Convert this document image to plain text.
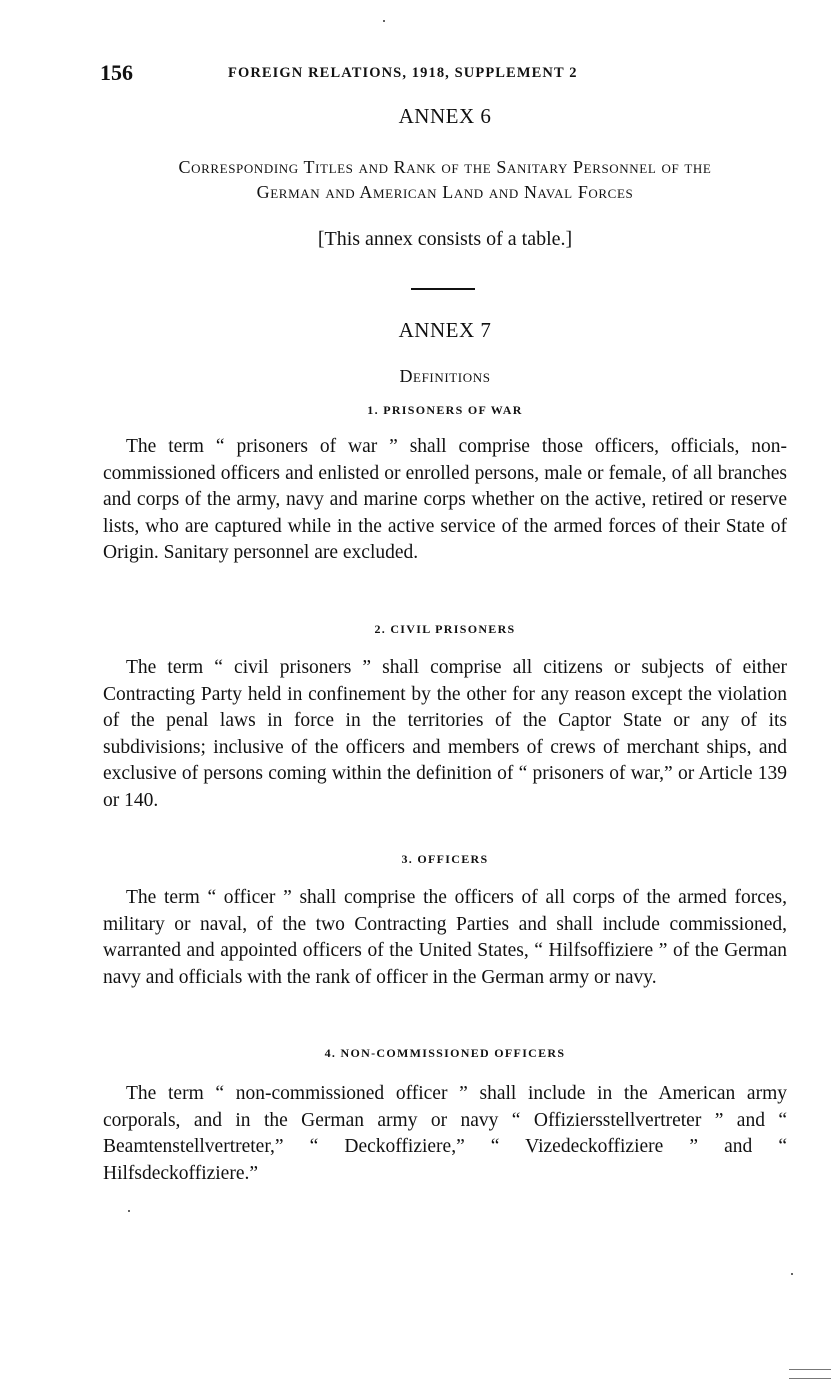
156	FOREIGN RELATIONS, 1918, SUPPLEMENT 2
ANNEX 6
Corresponding Titles and Rank of the Sanitary Personnel of the
German and American Land and Naval Forces
[This annex consists of a table.]
ANNEX 7
Definitions
1. PRISONERS OF WAR

The term “ prisoners of war ” shall comprise those officers, officials, non-commissioned officers and enlisted or enrolled persons, male or female, of all branches and corps of the army, navy and marine corps whether on the active, retired or reserve lists, who are captured while in the active service of the armed forces of their State of Origin. Sanitary personnel are excluded.

2. CIVIL PRISONERS

The term “ civil prisoners ” shall comprise all citizens or subjects of either Contracting Party held in confinement by the other for any reason except the violation of the penal laws in force in the territories of the Captor State or any of its subdivisions; inclusive of the officers and members of crews of merchant ships, and exclusive of persons coming within the definition of “ prisoners of war,” or Article 139 or 140.

3. OFFICERS

The term “ officer ” shall comprise the officers of all corps of the armed forces, military or naval, of the two Contracting Parties and shall include commissioned, warranted and appointed officers of the United States, “ Hilfsoffiziere ” of the German navy and officials with the rank of officer in the German army or navy.

4. NON-COMMISSIONED OFFICERS

The term “ non-commissioned officer ” shall include in the American army corporals, and in the German army or navy “ Offiziersstellvertreter ” and “ Beamtenstellvertreter,” “ Deckoffiziere,” “ Vizedeckoffiziere ” and “ Hilfsdeckoffiziere.”
